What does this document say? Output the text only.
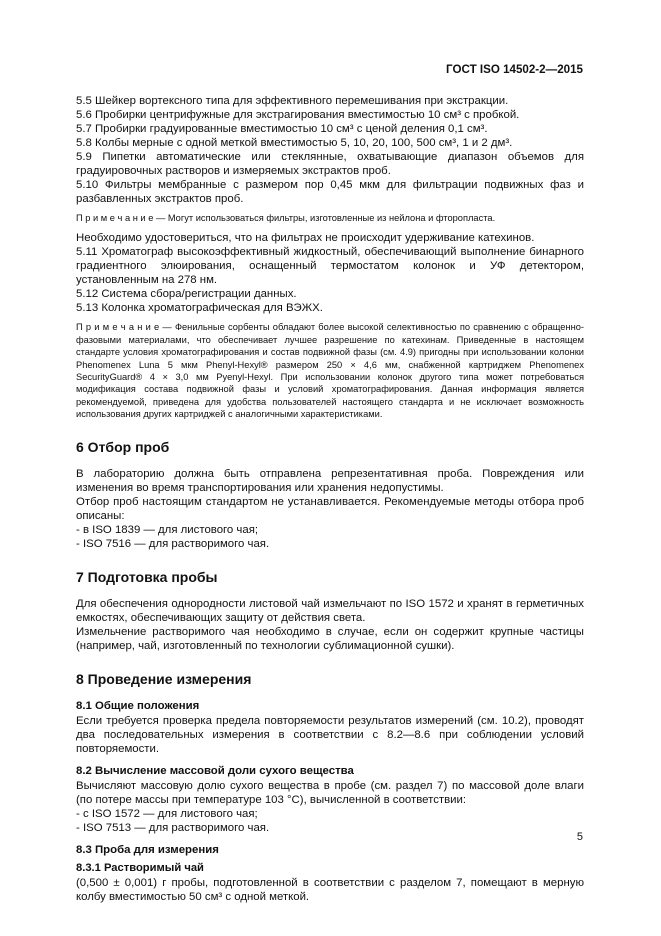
ГОСТ ISO 14502-2—2015

5.5 Шейкер вортексного типа для эффективного перемешивания при экстракции.

5.6 Пробирки центрифужные для экстрагирования вместимостью 10 см³ с пробкой.

5.7 Пробирки градуированные вместимостью 10 см³ с ценой деления 0,1 см³.

5.8 Колбы мерные с одной меткой вместимостью 5, 10, 20, 100, 500 см³, 1 и 2 дм³.

5.9 Пипетки автоматические или стеклянные, охватывающие диапазон объемов для градуировочных растворов и измеряемых экстрактов проб.

5.10 Фильтры мембранные с размером пор 0,45 мкм для фильтрации подвижных фаз и разбавленных экстрактов проб.

П р и м е ч а н и е — Могут использоваться фильтры, изготовленные из нейлона и фторопласта.

Необходимо удостовериться, что на фильтрах не происходит удерживание катехинов.

5.11 Хроматограф высокоэффективный жидкостный, обеспечивающий выполнение бинарного градиентного элюирования, оснащенный термостатом колонок и УФ детектором, установленным на 278 нм.

5.12 Система сбора/регистрации данных.

5.13 Колонка хроматографическая для ВЭЖХ.

П р и м е ч а н и е — Фенильные сорбенты обладают более высокой селективностью по сравнению с обращенно-фазовыми материалами, что обеспечивает лучшее разрешение по катехинам. Приведенные в настоящем стандарте условия хроматографирования и состав подвижной фазы (см. 4.9) пригодны при использовании колонки Phenomenex Luna 5 мкм Phenyl-Hexyl® размером 250 × 4,6 мм, снабженной картриджем Phenomenex SecurityGuard® 4 × 3,0 мм Pyenyl-Hexyl. При использовании колонок другого типа может потребоваться модификация состава подвижной фазы и условий хроматографирования. Данная информация является рекомендуемой, приведена для удобства пользователей настоящего стандарта и не исключает возможность использования других картриджей с аналогичными характеристиками.

6 Отбор проб

В лабораторию должна быть отправлена репрезентативная проба. Повреждения или изменения во время транспортирования или хранения недопустимы.

Отбор проб настоящим стандартом не устанавливается. Рекомендуемые методы отбора проб описаны:

- в ISO 1839 — для листового чая;

- ISO 7516 — для растворимого чая.

7 Подготовка пробы

Для обеспечения однородности листовой чай измельчают по ISO 1572 и хранят в герметичных емкостях, обеспечивающих защиту от действия света.

Измельчение растворимого чая необходимо в случае, если он содержит крупные частицы (например, чай, изготовленный по технологии сублимационной сушки).

8 Проведение измерения
8.1 Общие положения

Если требуется проверка предела повторяемости результатов измерений (см. 10.2), проводят два последовательных измерения в соответствии с 8.2—8.6 при соблюдении условий повторяемости.

8.2 Вычисление массовой доли сухого вещества

Вычисляют массовую долю сухого вещества в пробе (см. раздел 7) по массовой доле влаги (по потере массы при температуре 103 °C), вычисленной в соответствии:

- с ISO 1572 — для листового чая;

- ISO 7513 — для растворимого чая.

8.3 Проба для измерения
8.3.1 Растворимый чай

(0,500 ± 0,001) г пробы, подготовленной в соответствии с разделом 7, помещают в мерную колбу вместимостью 50 см³ с одной меткой.

5
